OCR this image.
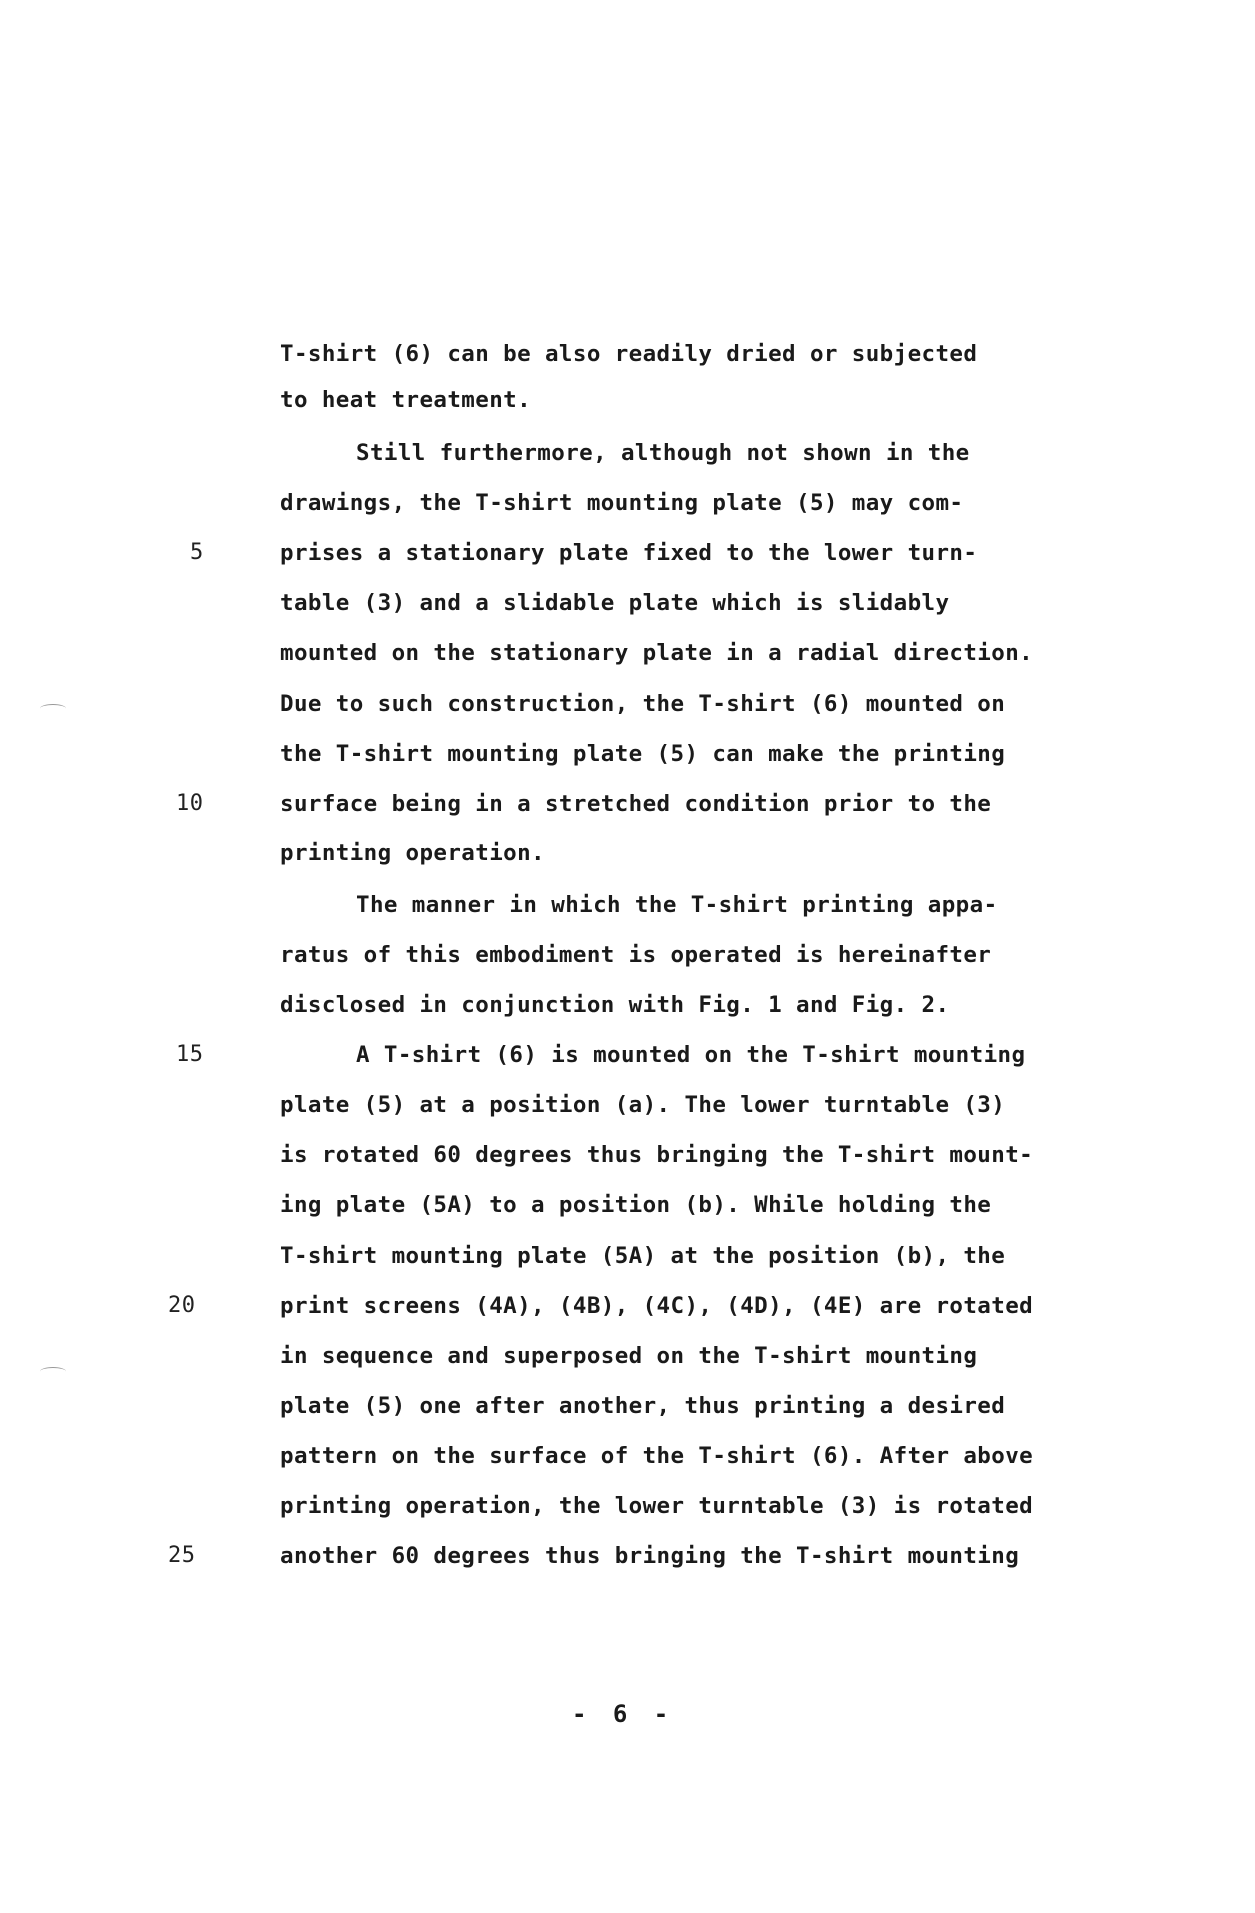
T-shirt (6) can be also readily dried or subjected
to heat treatment.
Still furthermore, although not shown in the
drawings, the T-shirt mounting plate (5) may com-
prises a stationary plate fixed to the lower turn-
table (3) and a slidable plate which is slidably
mounted on the stationary plate in a radial direction.
Due to such construction, the T-shirt (6) mounted on
the T-shirt mounting plate (5) can make the printing
surface being in a stretched condition prior to the
printing operation.
The manner in which the T-shirt printing appa-
ratus of this embodiment is operated is hereinafter
disclosed in conjunction with Fig. 1 and Fig. 2.
A T-shirt (6) is mounted on the T-shirt mounting
plate (5) at a position (a). The lower turntable (3)
is rotated 60 degrees thus bringing the T-shirt mount-
ing plate (5A) to a position (b). While holding the
T-shirt mounting plate (5A) at the position (b), the
print screens (4A), (4B), (4C), (4D), (4E) are rotated
in sequence and superposed on the T-shirt mounting
plate (5) one after another, thus printing a desired
pattern on the surface of the T-shirt (6). After above
printing operation, the lower turntable (3) is rotated
another 60 degrees thus bringing the T-shirt mounting
5
10
15
20
25
- 6 -
